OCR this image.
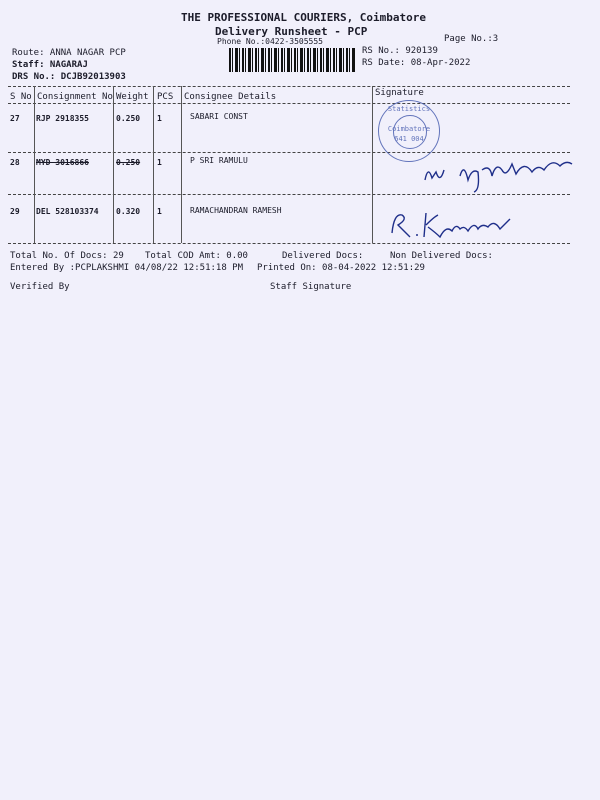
THE PROFESSIONAL COURIERS, Coimbatore
Delivery Runsheet - PCP
Phone No.:0422-3505555	Page No.:3
Route: ANNA NAGAR PCP
Staff: NAGARAJ
DRS No.: DCJB92013903
RS No.: 920139
RS Date: 08-Apr-2022
S No Consignment No Weight PCS Consignee Details	Signature
27 RJP 2918355	0.250 1	SABARI CONST
28 MYD 3016866	0.250 1	P SRI RAMULU
29 DEL 528103374 0.320 1	RAMACHANDRAN RAMESH
Statistics
Coimbatore
641 004
Total No. Of Docs: 29 Total COD Amt: 0.00	Delivered Docs:	Non Delivered Docs:
Entered By :PCPLAKSHMI 04/08/22 12:51:18 PM Printed On: 08-04-2022 12:51:29
Verified By	Staff Signature
